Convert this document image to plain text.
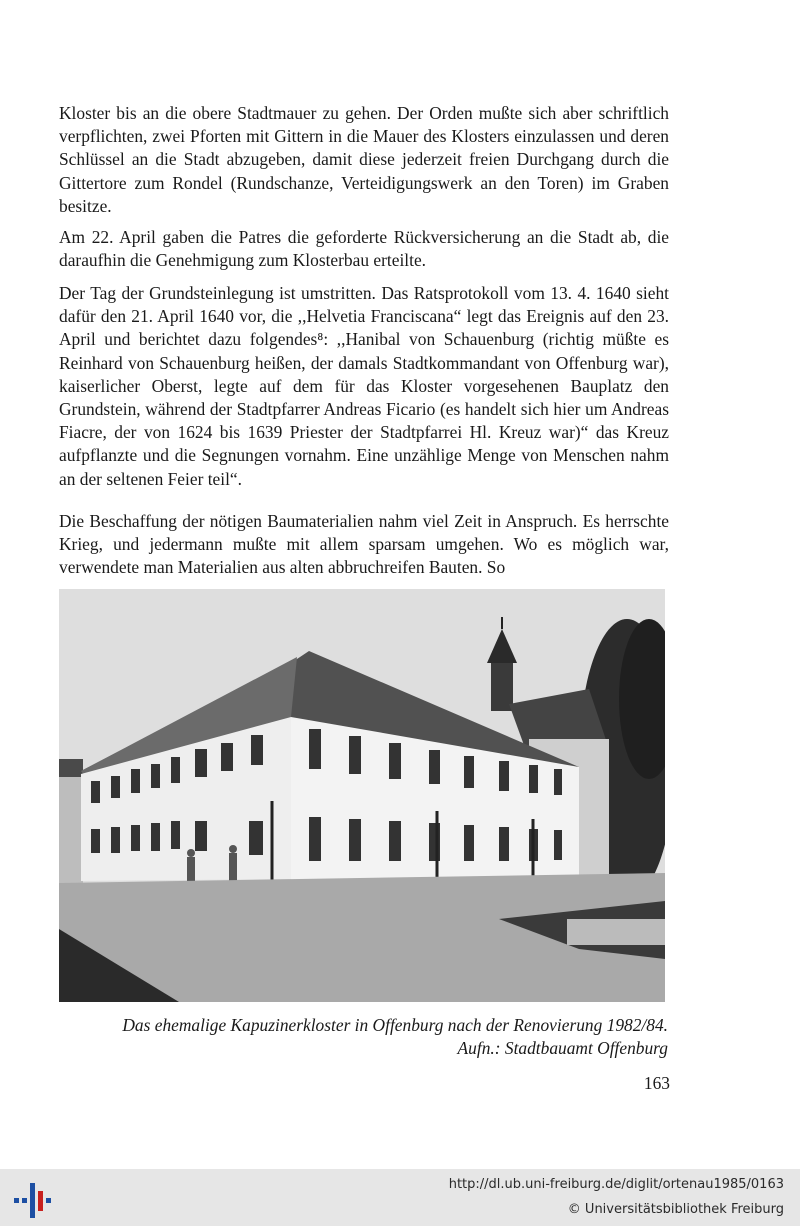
Kloster bis an die obere Stadtmauer zu gehen. Der Orden mußte sich aber schriftlich verpflichten, zwei Pforten mit Gittern in die Mauer des Klosters einzulassen und deren Schlüssel an die Stadt abzugeben, damit diese jederzeit freien Durchgang durch die Gittertore zum Rondel (Rundschanze, Verteidigungswerk an den Toren) im Graben besitze.

Am 22. April gaben die Patres die geforderte Rückversicherung an die Stadt ab, die daraufhin die Genehmigung zum Klosterbau erteilte.

Der Tag der Grundsteinlegung ist umstritten. Das Ratsprotokoll vom 13. 4. 1640 sieht dafür den 21. April 1640 vor, die ,,Helvetia Franciscana“ legt das Ereignis auf den 23. April und berichtet dazu folgendes⁸: ,,Hanibal von Schauenburg (richtig müßte es Reinhard von Schauenburg heißen, der damals Stadtkommandant von Offenburg war), kaiserlicher Oberst, legte auf dem für das Kloster vorgesehenen Bauplatz den Grundstein, während der Stadtpfarrer Andreas Ficario (es handelt sich hier um Andreas Fiacre, der von 1624 bis 1639 Priester der Stadtpfarrei Hl. Kreuz war)“ das Kreuz aufpflanzte und die Segnungen vornahm. Eine unzählige Menge von Menschen nahm an der seltenen Feier teil“.

Die Beschaffung der nötigen Baumaterialien nahm viel Zeit in Anspruch. Es herrschte Krieg, und jedermann mußte mit allem sparsam umgehen. Wo es möglich war, verwendete man Materialien aus alten abbruchreifen Bauten. So

Das ehemalige Kapuzinerkloster in Offenburg nach der Renovierung 1982/84.
Aufn.: Stadtbauamt Offenburg
163
http://dl.ub.uni-freiburg.de/diglit/ortenau1985/0163
© Universitätsbibliothek Freiburg
